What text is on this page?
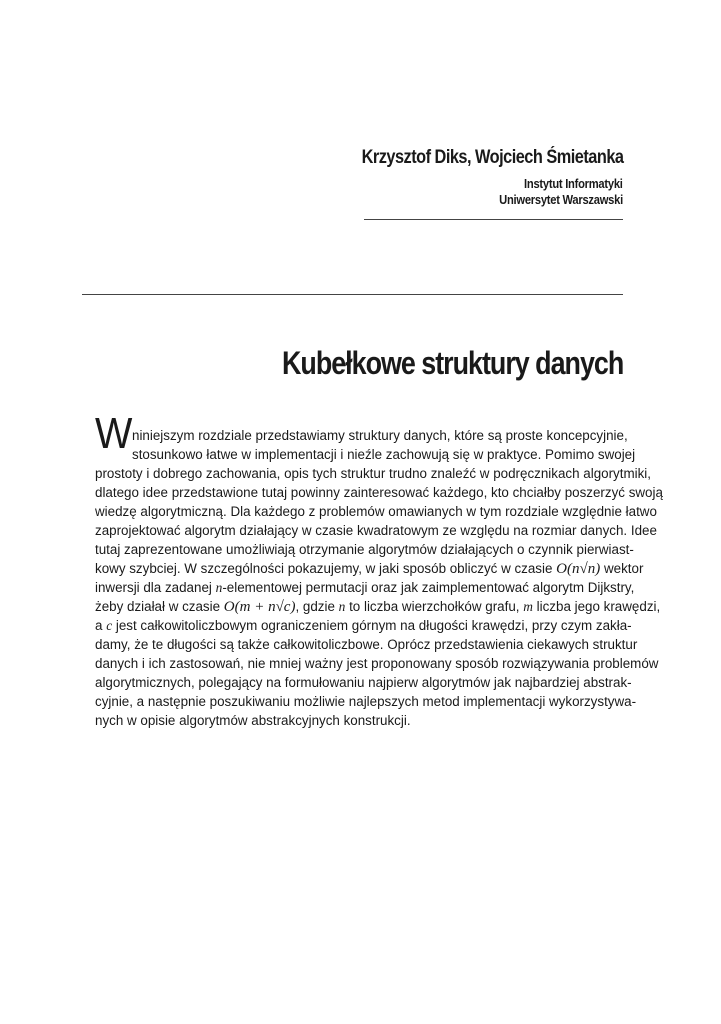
Krzysztof Diks, Wojciech Śmietanka
Instytut Informatyki
Uniwersytet Warszawski
Kubełkowe struktury danych
W niniejszym rozdziale przedstawiamy struktury danych, które są proste koncepcyjnie,
stosunkowo łatwe w implementacji i nieźle zachowują się w praktyce. Pomimo swojej
prostoty i dobrego zachowania, opis tych struktur trudno znaleźć w podręcznikach algorytmiki,
dlatego idee przedstawione tutaj powinny zainteresować każdego, kto chciałby poszerzyć swoją
wiedzę algorytmiczną. Dla każdego z problemów omawianych w tym rozdziale względnie łatwo
zaprojektować algorytm działający w czasie kwadratowym ze względu na rozmiar danych. Idee
tutaj zaprezentowane umożliwiają otrzymanie algorytmów działających o czynnik pierwiast-
kowy szybciej. W szczególności pokazujemy, w jaki sposób obliczyć w czasie O(n√n) wektor
inwersji dla zadanej n-elementowej permutacji oraz jak zaimplementować algorytm Dijkstry,
żeby działał w czasie O(m + n√c), gdzie n to liczba wierzchołków grafu, m liczba jego krawędzi,
a c jest całkowitoliczbowym ograniczeniem górnym na długości krawędzi, przy czym zakła-
damy, że te długości są także całkowitoliczbowe. Oprócz przedstawienia ciekawych struktur
danych i ich zastosowań, nie mniej ważny jest proponowany sposób rozwiązywania problemów
algorytmicznych, polegający na formułowaniu najpierw algorytmów jak najbardziej abstrak-
cyjnie, a następnie poszukiwaniu możliwie najlepszych metod implementacji wykorzystywa-
nych w opisie algorytmów abstrakcyjnych konstrukcji.
